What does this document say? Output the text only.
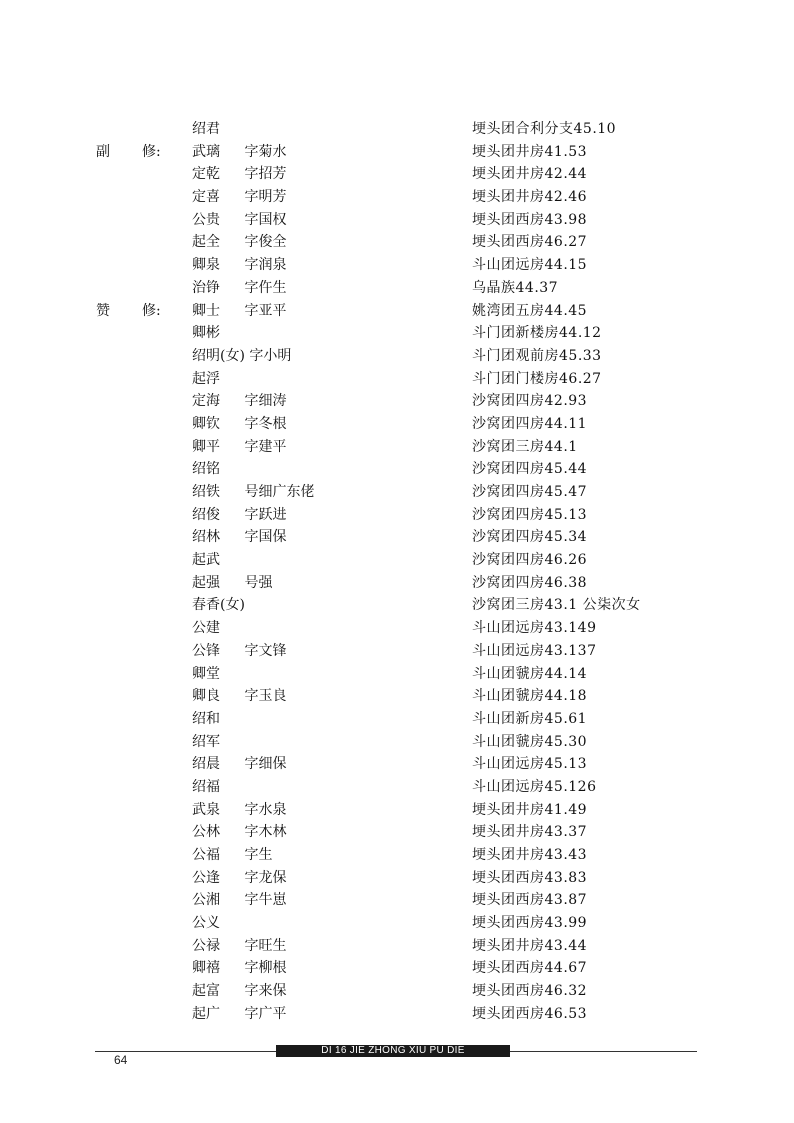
绍君	埂头团合利分支45.10
副 修: 武璃 字菊水	埂头团井房41.53
定乾 字招芳	埂头团井房42.44
定喜 字明芳	埂头团井房42.46
公贵 字国权	埂头团西房43.98
起全 字俊全	埂头团西房46.27
卿泉 字润泉	斗山团远房44.15
治铮 字仵生	乌晶族44.37
赞 修: 卿士 字亚平	姚湾团五房44.45
卿彬	斗门团新楼房44.12
绍明(女) 字小明	斗门团观前房45.33
起浮	斗门团门楼房46.27
定海 字细涛	沙窝团四房42.93
卿钦 字冬根	沙窝团四房44.11
卿平 字建平	沙窝团三房44.1
绍铭	沙窝团四房45.44
绍铁 号细广东佬	沙窝团四房45.47
绍俊 字跃进	沙窝团四房45.13
绍林 字国保	沙窝团四房45.34
起武	沙窝团四房46.26
起强 号强	沙窝团四房46.38
春香(女)	沙窝团三房43.1 公柒次女
公建	斗山团远房43.149
公锋 字文锋	斗山团远房43.137
卿堂	斗山团虢房44.14
卿良 字玉良	斗山团虢房44.18
绍和	斗山团新房45.61
绍军	斗山团虢房45.30
绍晨 字细保	斗山团远房45.13
绍福	斗山团远房45.126
武泉 字水泉	埂头团井房41.49
公林 字木林	埂头团井房43.37
公福 字生	埂头团井房43.43
公逢 字龙保	埂头团西房43.83
公湘 字牛崽	埂头团西房43.87
公义	埂头团西房43.99
公禄 字旺生	埂头团井房43.44
卿禧 字柳根	埂头团西房44.67
起富 字来保	埂头团西房46.32
起广 字广平	埂头团西房46.53
DI 16 JIE ZHONG XIU PU DIE
64
